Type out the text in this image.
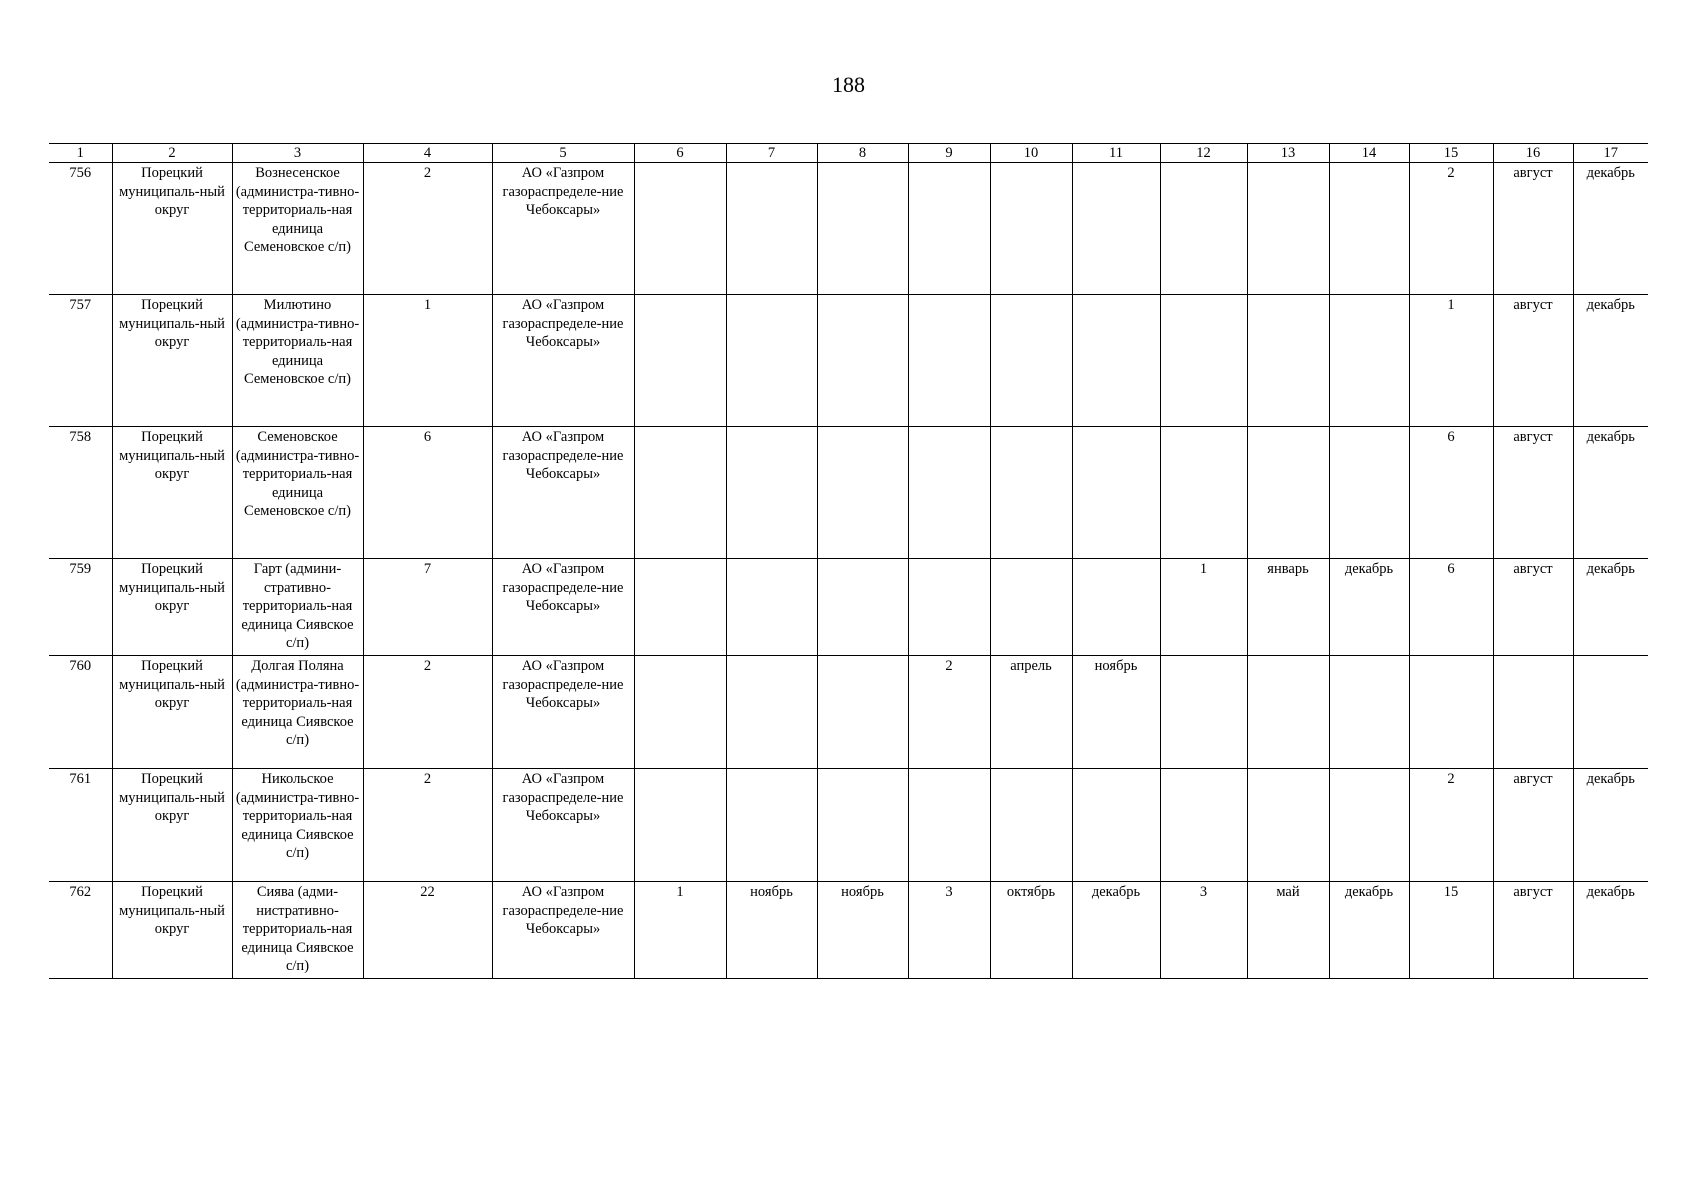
188
1	2	3	4	5	6	7	8	9	10	11	12	13	14	15	16	17
756	Порецкий муниципаль-ный округ	Вознесенское (администра-тивно-территориаль-ная единица Семеновское с/п)	2	АО «Газпром газораспределе-ние Чебоксары»										2	август	декабрь
757	Порецкий муниципаль-ный округ	Милютино (администра-тивно-территориаль-ная единица Семеновское с/п)	1	АО «Газпром газораспределе-ние Чебоксары»										1	август	декабрь
758	Порецкий муниципаль-ный округ	Семеновское (администра-тивно-территориаль-ная единица Семеновское с/п)	6	АО «Газпром газораспределе-ние Чебоксары»										6	август	декабрь
759	Порецкий муниципаль-ный округ	Гарт (админи-стративно-территориаль-ная единица Сиявское с/п)	7	АО «Газпром газораспределе-ние Чебоксары»							1	январь	декабрь	6	август	декабрь
760	Порецкий муниципаль-ный округ	Долгая Поляна (администра-тивно-территориаль-ная единица Сиявское с/п)	2	АО «Газпром газораспределе-ние Чебоксары»				2	апрель	ноябрь						
761	Порецкий муниципаль-ный округ	Никольское (администра-тивно-территориаль-ная единица Сиявское с/п)	2	АО «Газпром газораспределе-ние Чебоксары»										2	август	декабрь
762	Порецкий муниципаль-ный округ	Сиява (адми-нистративно-территориаль-ная единица Сиявское с/п)	22	АО «Газпром газораспределе-ние Чебоксары»	1	ноябрь	ноябрь	3	октябрь	декабрь	3	май	декабрь	15	август	декабрь
